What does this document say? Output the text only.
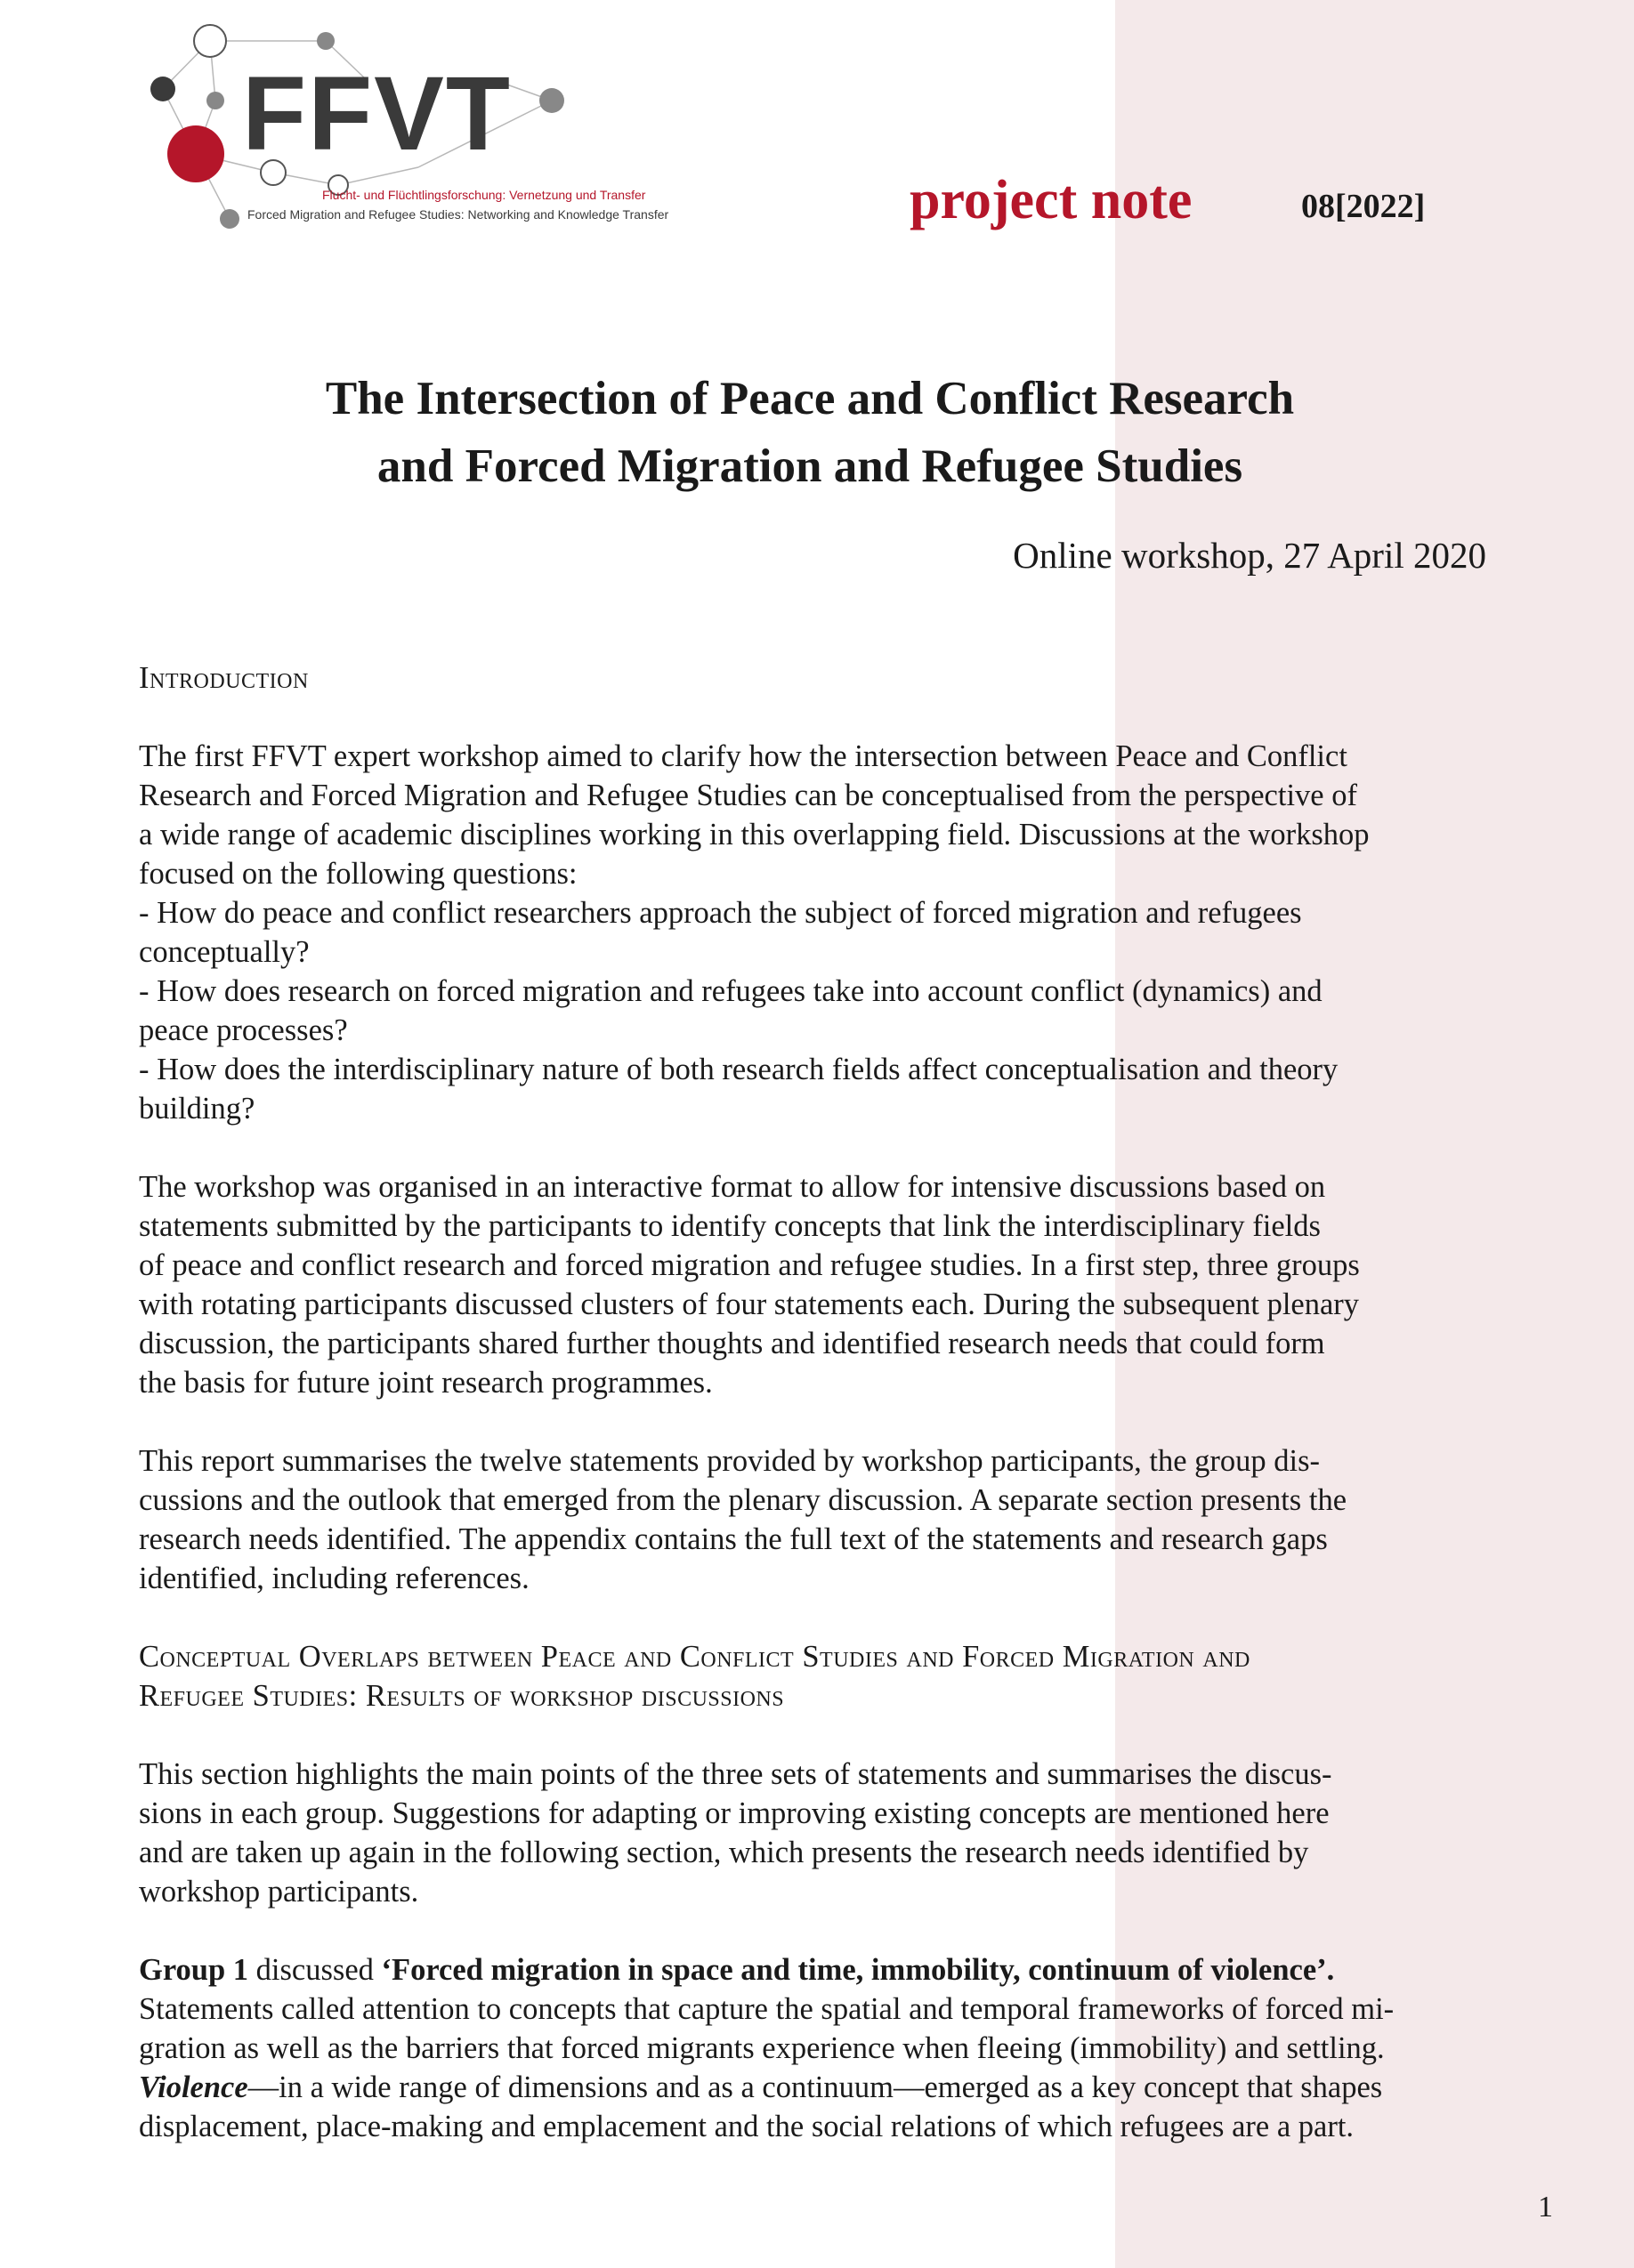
FFVT
Flucht- und Flüchtlingsforschung: Vernetzung und Transfer
Forced Migration and Refugee Studies: Networking and Knowledge Transfer	project note	08[2022]
The Intersection of Peace and Conflict Research
and Forced Migration and Refugee Studies
Online workshop, 27 April 2020
Introduction

The first FFVT expert workshop aimed to clarify how the intersection between Peace and Conflict
Research and Forced Migration and Refugee Studies can be conceptualised from the perspective of
a wide range of academic disciplines working in this overlapping field. Discussions at the workshop
focused on the following questions:
- How do peace and conflict researchers approach the subject of forced migration and refugees
conceptually?
- How does research on forced migration and refugees take into account conflict (dynamics) and
peace processes?
- How does the interdisciplinary nature of both research fields affect conceptualisation and theory
building?

The workshop was organised in an interactive format to allow for intensive discussions based on
statements submitted by the participants to identify concepts that link the interdisciplinary fields
of peace and conflict research and forced migration and refugee studies. In a first step, three groups
with rotating participants discussed clusters of four statements each. During the subsequent plenary
discussion, the participants shared further thoughts and identified research needs that could form
the basis for future joint research programmes.

This report summarises the twelve statements provided by workshop participants, the group dis-
cussions and the outlook that emerged from the plenary discussion. A separate section presents the
research needs identified. The appendix contains the full text of the statements and research gaps
identified, including references.

Conceptual Overlaps between Peace and Conflict Studies and Forced Migration and
Refugee Studies: Results of workshop discussions

This section highlights the main points of the three sets of statements and summarises the discus-
sions in each group. Suggestions for adapting or improving existing concepts are mentioned here
and are taken up again in the following section, which presents the research needs identified by
workshop participants.

Group 1 discussed ‘Forced migration in space and time, immobility, continuum of violence’.
Statements called attention to concepts that capture the spatial and temporal frameworks of forced mi-
gration as well as the barriers that forced migrants experience when fleeing (immobility) and settling.
Violence—in a wide range of dimensions and as a continuum—emerged as a key concept that shapes
displacement, place-making and emplacement and the social relations of which refugees are a part.

1
